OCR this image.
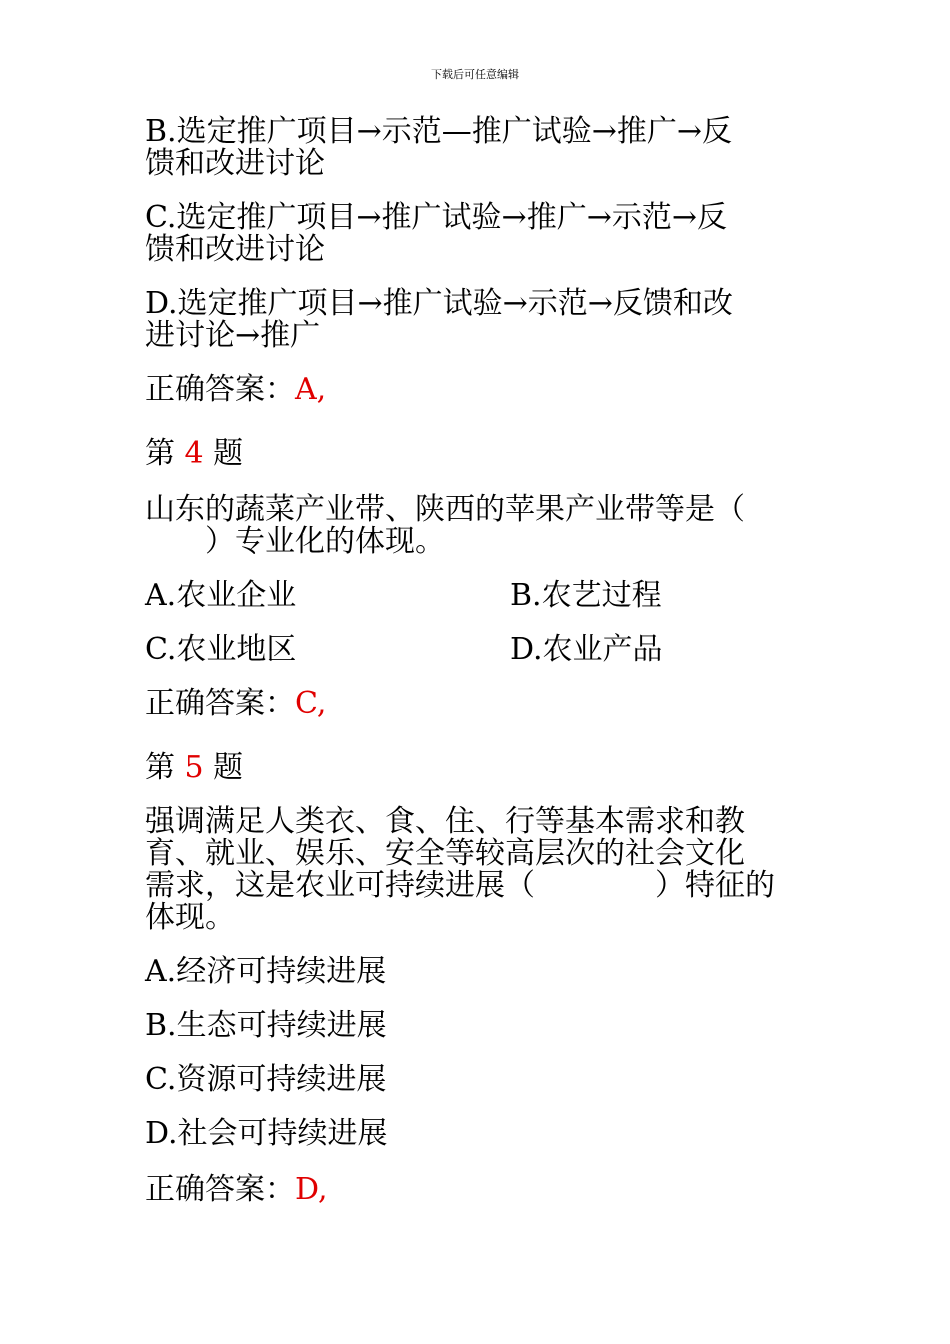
下载后可任意编辑
B.选定推广项目→示范—推广试验→推广→反
馈和改进讨论
C.选定推广项目→推广试验→推广→示范→反
馈和改进讨论
D.选定推广项目→推广试验→示范→反馈和改
进讨论→推广
正确答案：A,
第 4 题
山东的蔬菜产业带、陕西的苹果产业带等是（
　　）专业化的体现。
A.农业企业	B.农艺过程
C.农业地区	D.农业产品
正确答案：C,
第 5 题
强调满足人类衣、食、住、行等基本需求和教
育、就业、娱乐、安全等较高层次的社会文化
需求，这是农业可持续进展（　　　　）特征的
体现。
A.经济可持续进展
B.生态可持续进展
C.资源可持续进展
D.社会可持续进展
正确答案：D,
